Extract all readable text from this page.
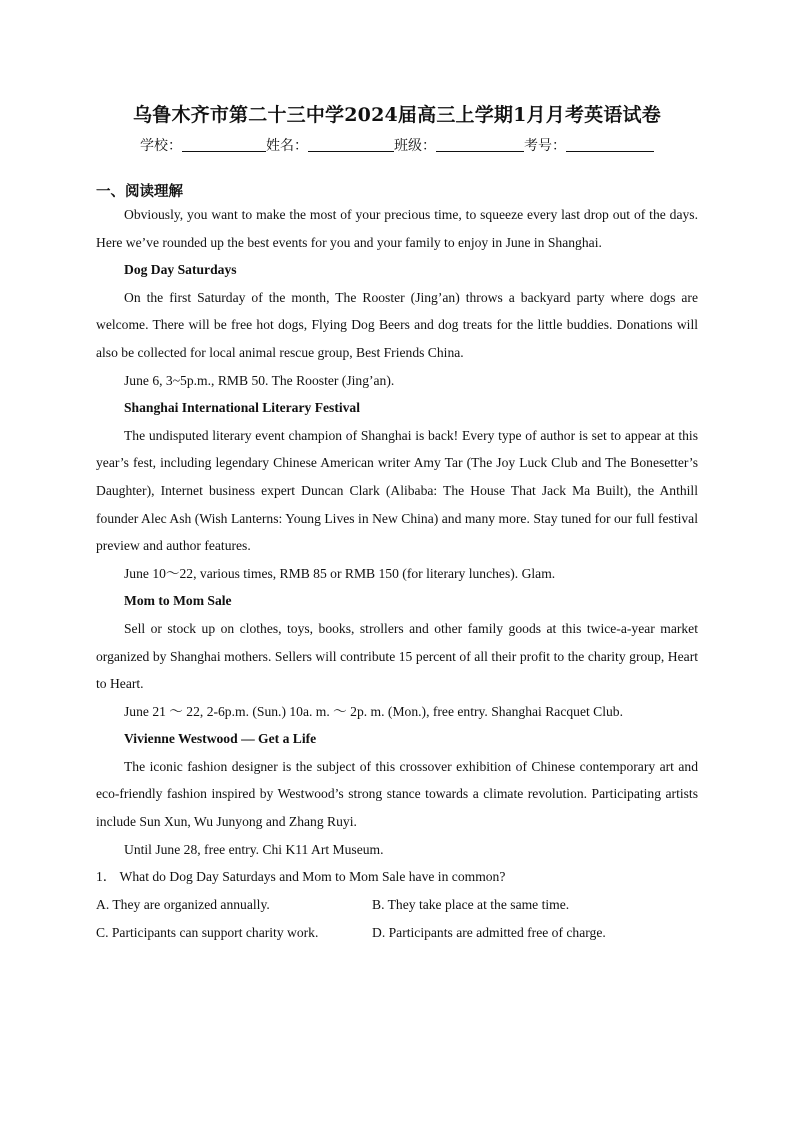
乌鲁木齐市第二十三中学2024届高三上学期1月月考英语试卷
学校：	姓名：	班级：	考号：
一、阅读理解

Obviously, you want to make the most of your precious time, to squeeze every last drop out of the days. Here we’ve rounded up the best events for you and your family to enjoy in June in Shanghai.

Dog Day Saturdays

On the first Saturday of the month, The Rooster (Jing’an) throws a backyard party where dogs are welcome. There will be free hot dogs, Flying Dog Beers and dog treats for the little buddies. Donations will also be collected for local animal rescue group, Best Friends China.

June 6, 3~5p.m., RMB 50. The Rooster (Jing’an).

Shanghai International Literary Festival

The undisputed literary event champion of Shanghai is back! Every type of author is set to appear at this year’s fest, including legendary Chinese American writer Amy Tar (The Joy Luck Club and The Bonesetter’s Daughter), Internet business expert Duncan Clark (Alibaba: The House That Jack Ma Built), the Anthill founder Alec Ash (Wish Lanterns: Young Lives in New China) and many more. Stay tuned for our full festival preview and author features.

June 10～22, various times, RMB 85 or RMB 150 (for literary lunches). Glam.

Mom to Mom Sale

Sell or stock up on clothes, toys, books, strollers and other family goods at this twice-a-year market organized by Shanghai mothers. Sellers will contribute 15 percent of all their profit to the charity group, Heart to Heart.

June 21 ～ 22, 2-6p.m. (Sun.) 10a. m. ～ 2p. m. (Mon.), free entry. Shanghai Racquet Club.

Vivienne Westwood — Get a Life

The iconic fashion designer is the subject of this crossover exhibition of Chinese contemporary art and eco-friendly fashion inspired by Westwood’s strong stance towards a climate revolution. Participating artists include Sun Xun, Wu Junyong and Zhang Ruyi.

Until June 28, free entry. Chi K11 Art Museum.

1． What do Dog Day Saturdays and Mom to Mom Sale have in common?

A. They are organized annually.	B. They take place at the same time.
C. Participants can support charity work.	D. Participants are admitted free of charge.
